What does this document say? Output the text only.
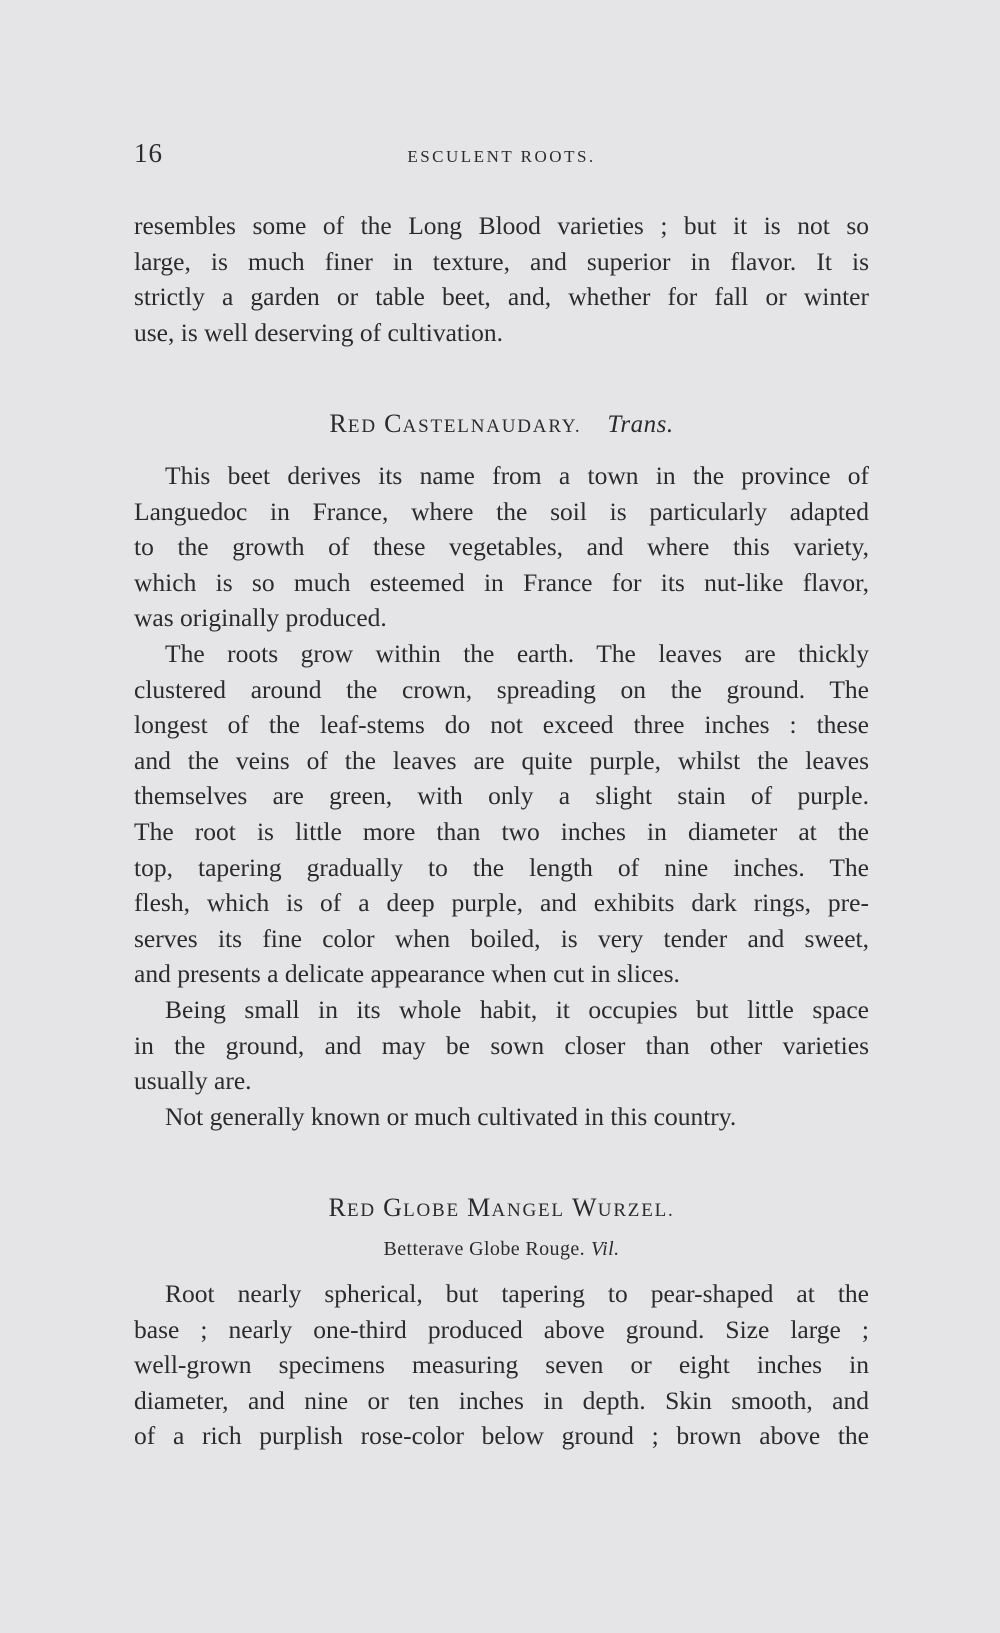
16	ESCULENT ROOTS.

resembles some of the Long Blood varieties ; but it is not so
large, is much finer in texture, and superior in flavor. It is
strictly a garden or table beet, and, whether for fall or winter
use, is well deserving of cultivation.

RED CASTELNAUDARY. Trans.

This beet derives its name from a town in the province of
Languedoc in France, where the soil is particularly adapted
to the growth of these vegetables, and where this variety,
which is so much esteemed in France for its nut-like flavor,
was originally produced.

The roots grow within the earth. The leaves are thickly
clustered around the crown, spreading on the ground. The
longest of the leaf-stems do not exceed three inches : these
and the veins of the leaves are quite purple, whilst the leaves
themselves are green, with only a slight stain of purple.
The root is little more than two inches in diameter at the
top, tapering gradually to the length of nine inches. The
flesh, which is of a deep purple, and exhibits dark rings, pre-
serves its fine color when boiled, is very tender and sweet,
and presents a delicate appearance when cut in slices.

Being small in its whole habit, it occupies but little space
in the ground, and may be sown closer than other varieties
usually are.

Not generally known or much cultivated in this country.

RED GLOBE MANGEL WURZEL.
Betterave Globe Rouge. Vil.

Root nearly spherical, but tapering to pear-shaped at the
base ; nearly one-third produced above ground. Size large ;
well-grown specimens measuring seven or eight inches in
diameter, and nine or ten inches in depth. Skin smooth, and
of a rich purplish rose-color below ground ; brown above the
